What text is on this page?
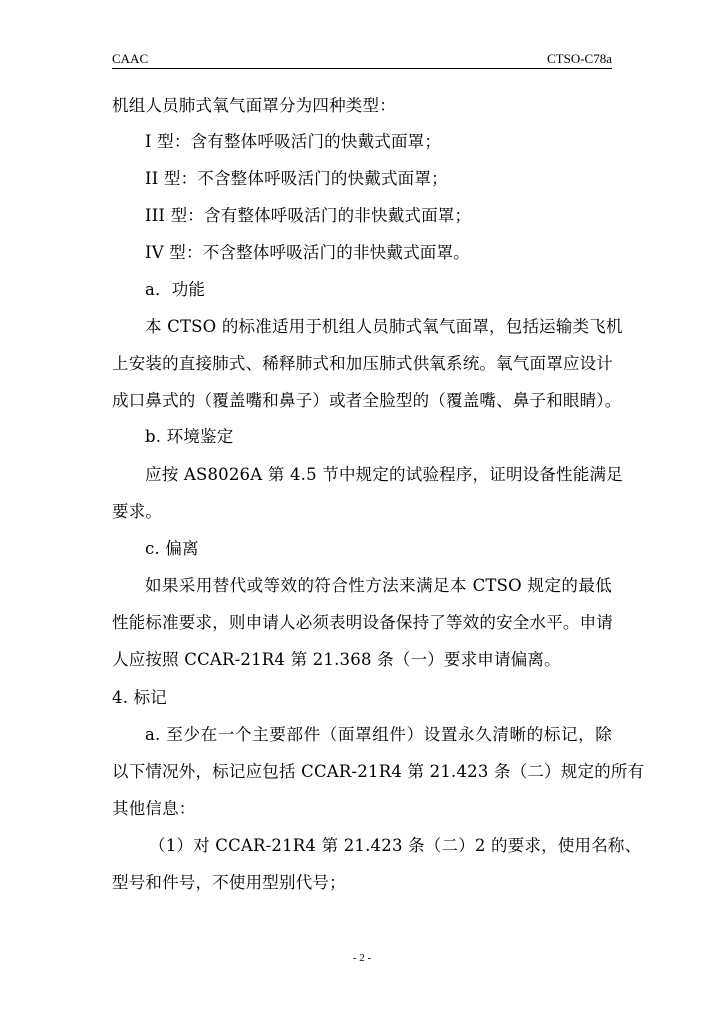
CAAC	CTSO-C78a
机组人员肺式氧气面罩分为四种类型：
I 型：含有整体呼吸活门的快戴式面罩；
II 型：不含整体呼吸活门的快戴式面罩；
III 型：含有整体呼吸活门的非快戴式面罩；
IV 型：不含整体呼吸活门的非快戴式面罩。
a．功能
本 CTSO 的标准适用于机组人员肺式氧气面罩，包括运输类飞机
上安装的直接肺式、稀释肺式和加压肺式供氧系统。氧气面罩应设计
成口鼻式的（覆盖嘴和鼻子）或者全脸型的（覆盖嘴、鼻子和眼睛）。
b. 环境鉴定
应按 AS8026A 第 4.5 节中规定的试验程序，证明设备性能满足
要求。
c. 偏离
如果采用替代或等效的符合性方法来满足本 CTSO 规定的最低
性能标准要求，则申请人必须表明设备保持了等效的安全水平。申请
人应按照 CCAR-21R4 第 21.368 条（一）要求申请偏离。
4. 标记
a. 至少在一个主要部件（面罩组件）设置永久清晰的标记，除
以下情况外，标记应包括 CCAR-21R4 第 21.423 条（二）规定的所有
其他信息：
（1）对 CCAR-21R4 第 21.423 条（二）2 的要求，使用名称、
型号和件号，不使用型别代号；
- 2 -
